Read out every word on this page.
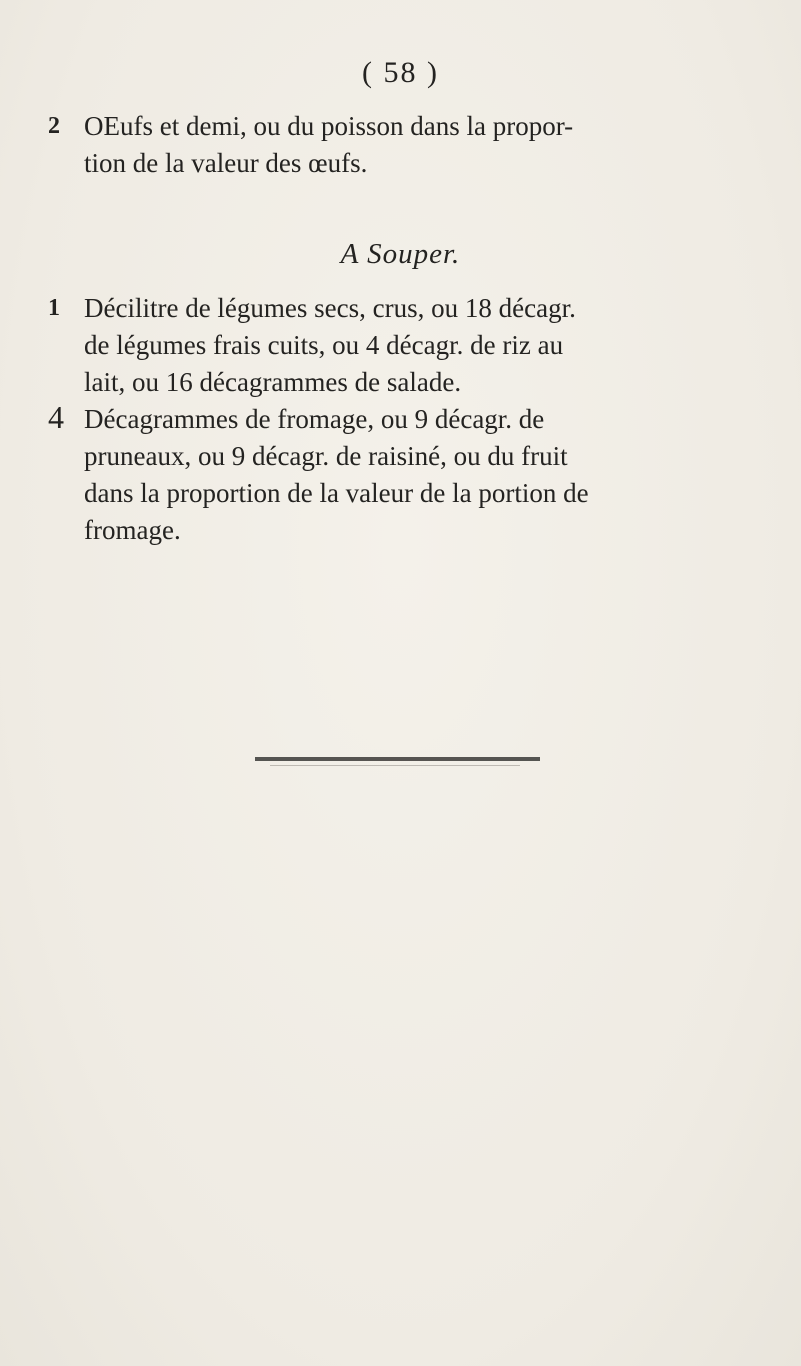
( 58 )
2 OEufs et demi, ou du poisson dans la propor-
tion de la valeur des œufs.
A Souper.
1 Décilitre de légumes secs, crus, ou 18 décagr.
de légumes frais cuits, ou 4 décagr. de riz au
lait, ou 16 décagrammes de salade.
4 Décagrammes de fromage, ou 9 décagr. de
pruneaux, ou 9 décagr. de raisiné, ou du fruit
dans la proportion de la valeur de la portion de
fromage.
